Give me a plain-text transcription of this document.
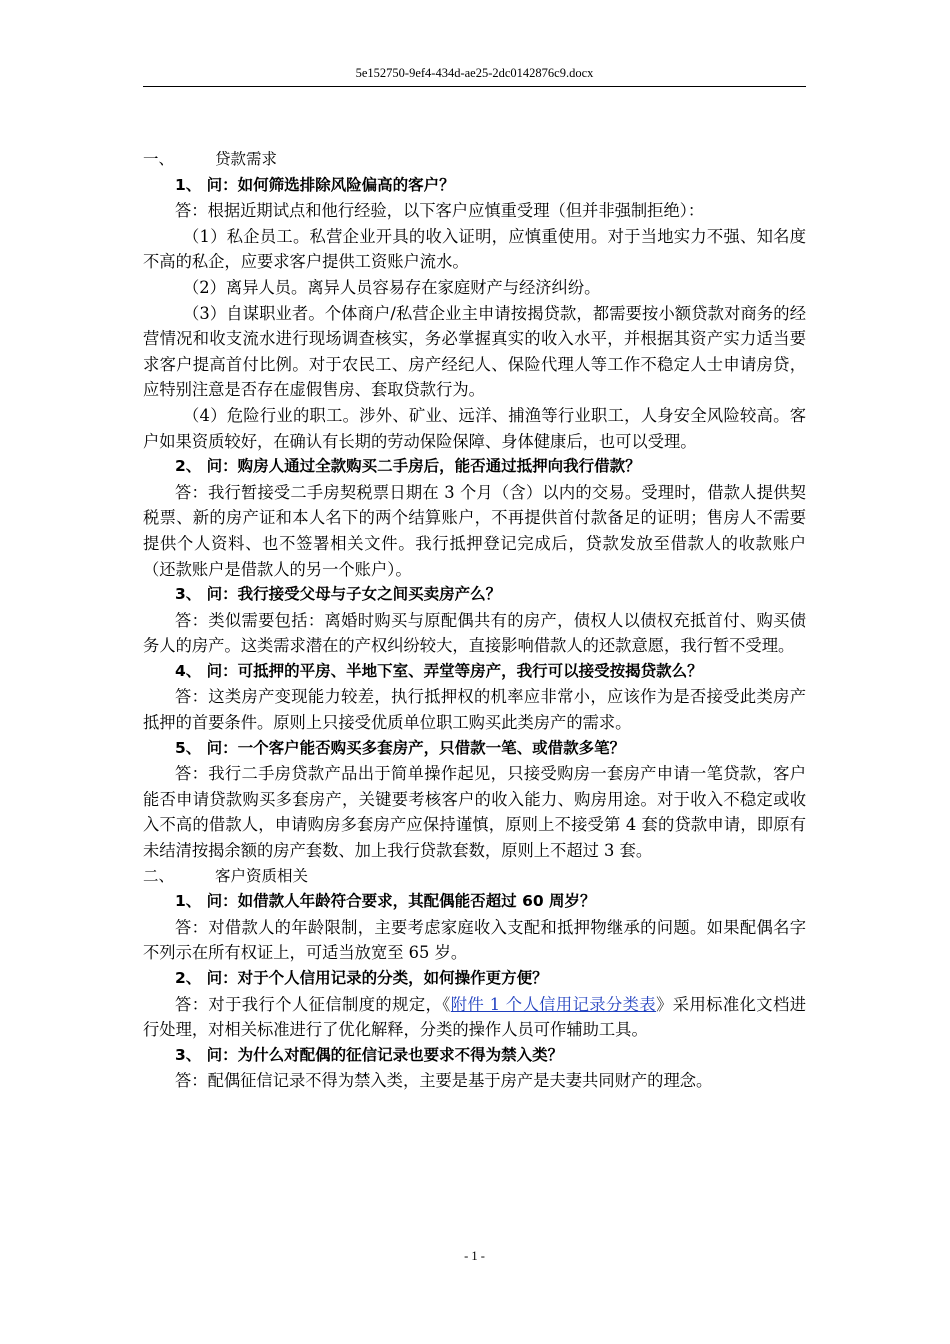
5e152750-9ef4-434d-ae25-2dc0142876c9.docx

一、	贷款需求

1、 问：如何筛选排除风险偏高的客户？

答：根据近期试点和他行经验，以下客户应慎重受理（但并非强制拒绝）：

（1）私企员工。私营企业开具的收入证明，应慎重使用。对于当地实力不强、知名度不高的私企，应要求客户提供工资账户流水。

（2）离异人员。离异人员容易存在家庭财产与经济纠纷。

（3）自谋职业者。个体商户/私营企业主申请按揭贷款，都需要按小额贷款对商务的经营情况和收支流水进行现场调查核实，务必掌握真实的收入水平，并根据其资产实力适当要求客户提高首付比例。对于农民工、房产经纪人、保险代理人等工作不稳定人士申请房贷，应特别注意是否存在虚假售房、套取贷款行为。

（4）危险行业的职工。涉外、矿业、远洋、捕渔等行业职工，人身安全风险较高。客户如果资质较好，在确认有长期的劳动保险保障、身体健康后，也可以受理。

2、 问：购房人通过全款购买二手房后，能否通过抵押向我行借款？

答：我行暂接受二手房契税票日期在 3 个月（含）以内的交易。受理时，借款人提供契税票、新的房产证和本人名下的两个结算账户，不再提供首付款备足的证明；售房人不需要提供个人资料、也不签署相关文件。我行抵押登记完成后，贷款发放至借款人的收款账户（还款账户是借款人的另一个账户）。

3、 问：我行接受父母与子女之间买卖房产么？

答：类似需要包括：离婚时购买与原配偶共有的房产，债权人以债权充抵首付、购买债务人的房产。这类需求潜在的产权纠纷较大，直接影响借款人的还款意愿，我行暂不受理。

4、 问：可抵押的平房、半地下室、弄堂等房产，我行可以接受按揭贷款么？

答：这类房产变现能力较差，执行抵押权的机率应非常小，应该作为是否接受此类房产抵押的首要条件。原则上只接受优质单位职工购买此类房产的需求。

5、 问：一个客户能否购买多套房产，只借款一笔、或借款多笔？

答：我行二手房贷款产品出于简单操作起见，只接受购房一套房产申请一笔贷款，客户能否申请贷款购买多套房产，关键要考核客户的收入能力、购房用途。对于收入不稳定或收入不高的借款人，申请购房多套房产应保持谨慎，原则上不接受第 4 套的贷款申请，即原有未结清按揭余额的房产套数、加上我行贷款套数，原则上不超过 3 套。

二、	客户资质相关

1、 问：如借款人年龄符合要求，其配偶能否超过 60 周岁？

答：对借款人的年龄限制，主要考虑家庭收入支配和抵押物继承的问题。如果配偶名字不列示在所有权证上，可适当放宽至 65 岁。

2、 问：对于个人信用记录的分类，如何操作更方便？

答：对于我行个人征信制度的规定，《附件 1 个人信用记录分类表》采用标准化文档进行处理，对相关标准进行了优化解释，分类的操作人员可作辅助工具。

3、 问：为什么对配偶的征信记录也要求不得为禁入类？

答：配偶征信记录不得为禁入类，主要是基于房产是夫妻共同财产的理念。

- 1 -
